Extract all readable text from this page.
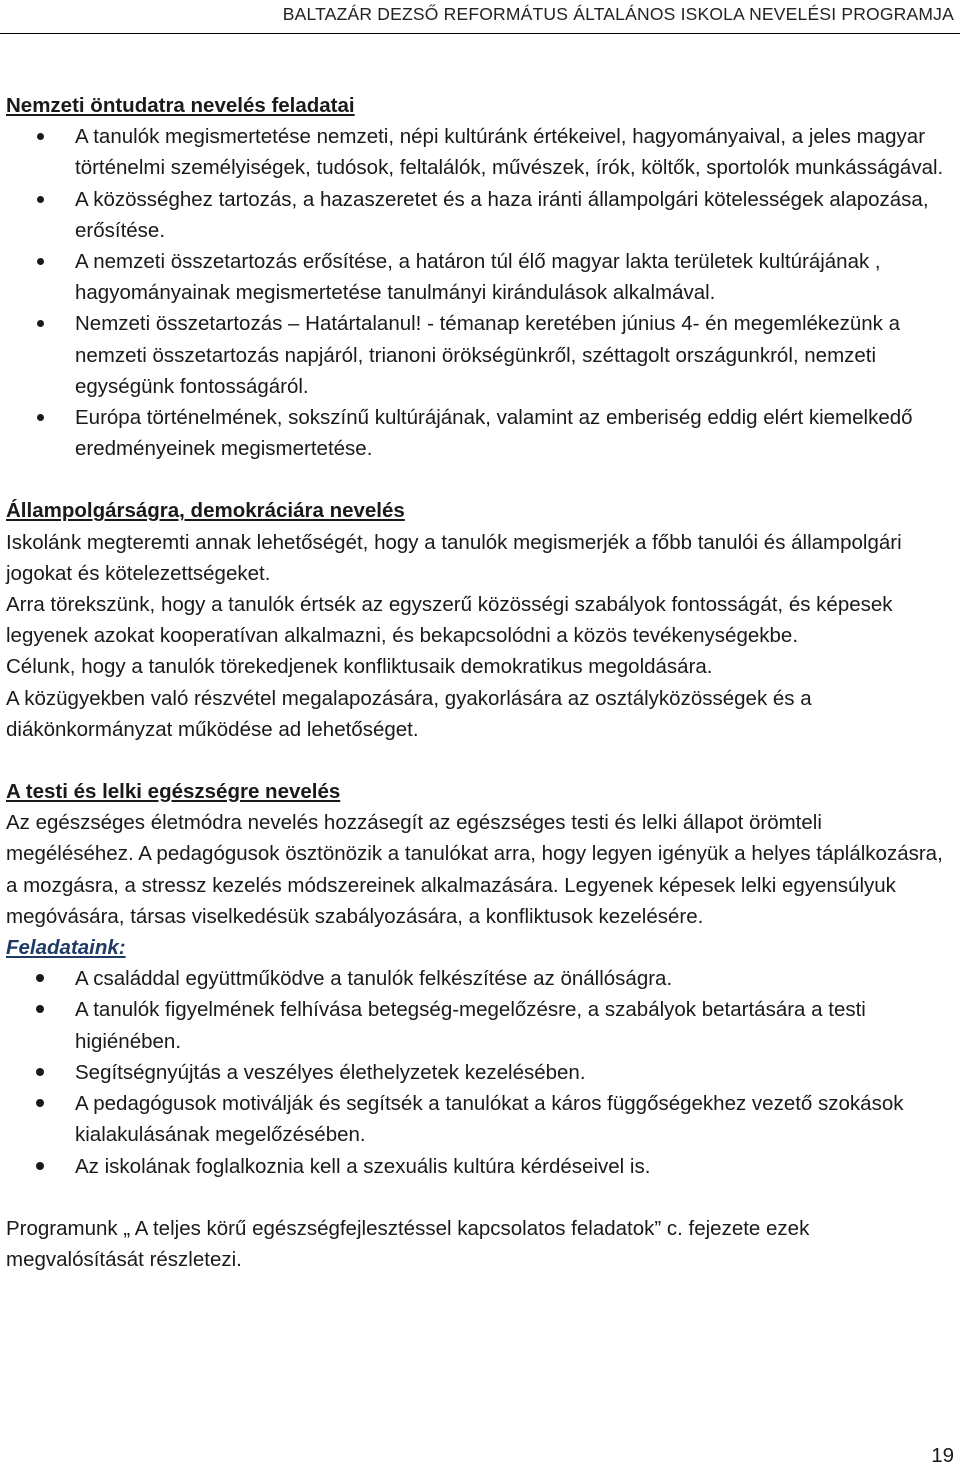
BALTAZÁR DEZSŐ REFORMÁTUS ÁLTALÁNOS ISKOLA NEVELÉSI PROGRAMJA
Nemzeti öntudatra nevelés feladatai
A tanulók megismertetése nemzeti, népi kultúránk értékeivel, hagyományaival, a jeles magyar történelmi személyiségek, tudósok, feltalálók, művészek, írók, költők, sportolók munkásságával.
A közösséghez tartozás, a hazaszeretet és a haza iránti állampolgári kötelességek alapozása, erősítése.
A nemzeti összetartozás erősítése, a határon túl élő magyar lakta területek kultúrájának , hagyományainak megismertetése tanulmányi kirándulások alkalmával.
Nemzeti összetartozás – Határtalanul! - témanap keretében június 4- én megemlékezünk a nemzeti összetartozás napjáról, trianoni örökségünkről, széttagolt országunkról, nemzeti egységünk fontosságáról.
Európa történelmének, sokszínű kultúrájának, valamint az emberiség eddig elért kiemelkedő eredményeinek megismertetése.
Állampolgárságra, demokráciára nevelés

Iskolánk megteremti annak lehetőségét, hogy a tanulók megismerjék a főbb tanulói és állampolgári jogokat és kötelezettségeket.

Arra törekszünk, hogy a tanulók értsék az egyszerű közösségi szabályok fontosságát, és képesek legyenek azokat kooperatívan alkalmazni, és bekapcsolódni a közös tevékenységekbe.

Célunk, hogy a tanulók törekedjenek konfliktusaik demokratikus megoldására.

A közügyekben való részvétel megalapozására, gyakorlására az osztályközösségek és a diákönkormányzat működése ad lehetőséget.

A testi és lelki egészségre nevelés

Az egészséges életmódra nevelés hozzásegít az egészséges testi és lelki állapot örömteli megéléséhez. A pedagógusok ösztönözik a tanulókat arra, hogy legyen igényük a helyes táplálkozásra, a mozgásra, a stressz kezelés módszereinek alkalmazására. Legyenek képesek lelki egyensúlyuk megóvására, társas viselkedésük szabályozására, a konfliktusok kezelésére.

Feladataink:

A családdal együttműködve a tanulók felkészítése az önállóságra.
A tanulók figyelmének felhívása betegség-megelőzésre, a szabályok betartására a testi higiénében.
Segítségnyújtás a veszélyes élethelyzetek kezelésében.
A pedagógusok motiválják és segítsék a tanulókat a káros függőségekhez vezető szokások kialakulásának megelőzésében.
Az iskolának foglalkoznia kell a szexuális kultúra kérdéseivel is.

Programunk „ A teljes körű egészségfejlesztéssel kapcsolatos feladatok” c. fejezete ezek megvalósítását részletezi.

19
